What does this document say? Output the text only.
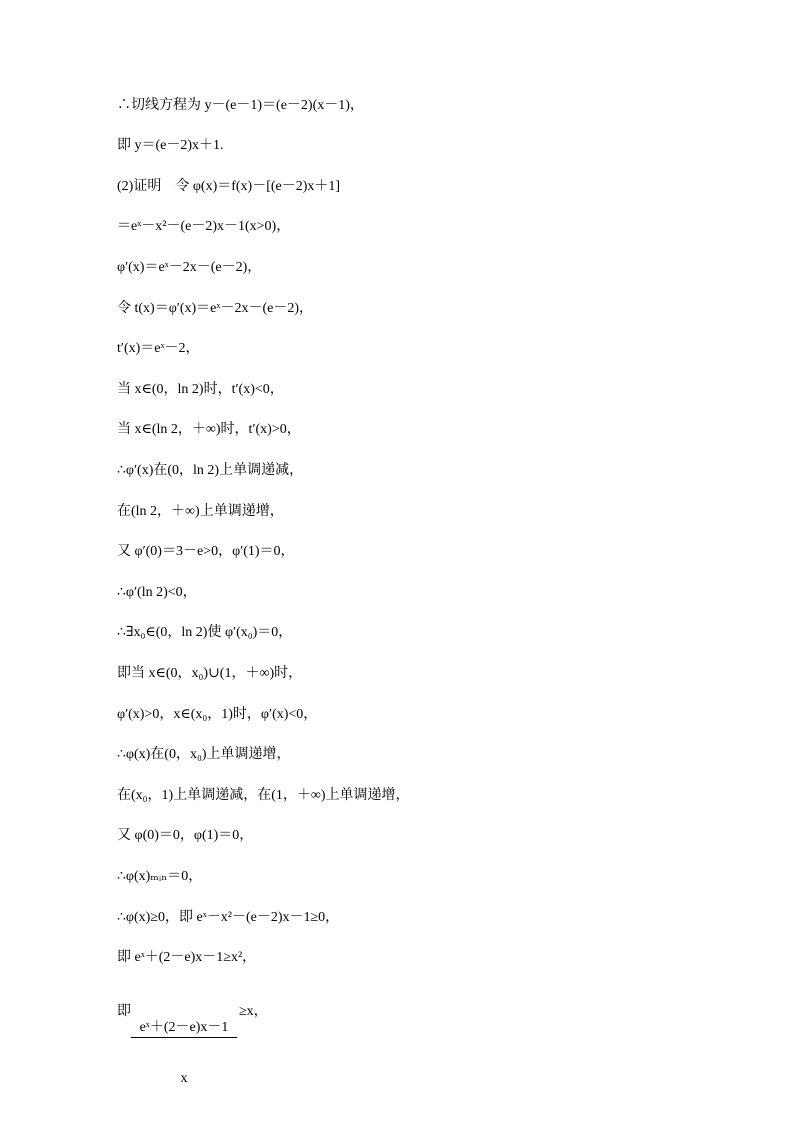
∴切线方程为 y－(e－1)＝(e－2)(x－1)，
即 y＝(e－2)x＋1.
(2)证明　令 φ(x)＝f(x)－[(e－2)x＋1]
＝eˣ－x²－(e－2)x－1(x>0)，
φ′(x)＝eˣ－2x－(e－2)，
令 t(x)＝φ′(x)＝eˣ－2x－(e－2)，
t′(x)＝eˣ－2，
当 x∈(0，ln 2)时，t′(x)<0，
当 x∈(ln 2，＋∞)时，t′(x)>0，
∴φ′(x)在(0，ln 2)上单调递减，
在(ln 2，＋∞)上单调递增，
又 φ′(0)＝3－e>0，φ′(1)＝0，
∴φ′(ln 2)<0，
∴∃x₀∈(0，ln 2)使 φ′(x₀)＝0，
即当 x∈(0，x₀)∪(1，＋∞)时，
φ′(x)>0，x∈(x₀，1)时，φ′(x)<0，
∴φ(x)在(0，x₀)上单调递增，
在(x₀，1)上单调递减，在(1，＋∞)上单调递增，
又 φ(0)＝0，φ(1)＝0，
∴φ(x)ₘᵢₙ＝0，
∴φ(x)≥0，即 eˣ－x²－(e－2)x－1≥0，
即 eˣ＋(2－e)x－1≥x²，

即

$\frac{\text{eˣ＋(2－e)x－1}}{x}$

≥x，
